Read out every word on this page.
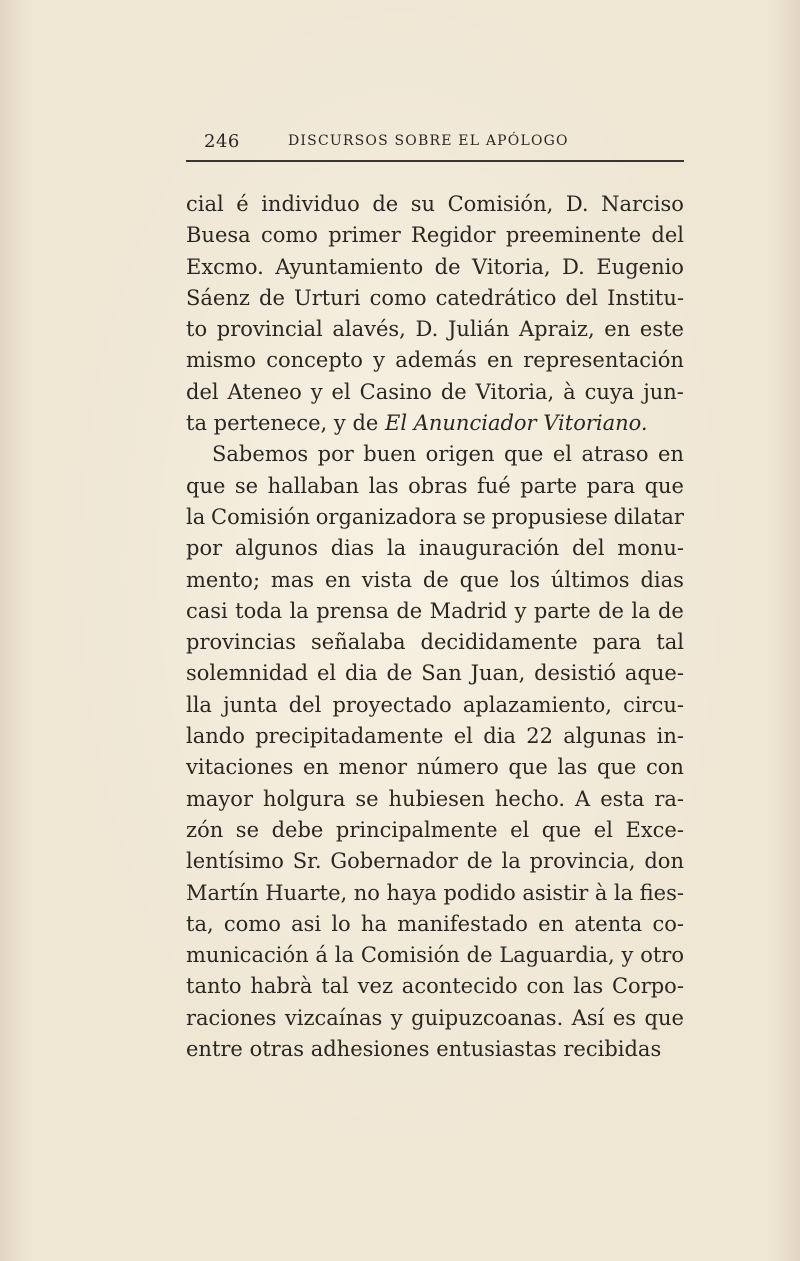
246	DISCURSOS SOBRE EL APÓLOGO
cial é individuo de su Comisión, D. Narciso
Buesa como primer Regidor preeminente del
Excmo. Ayuntamiento de Vitoria, D. Eugenio
Sáenz de Urturi como catedrático del Institu-
to provincial alavés, D. Julián Apraiz, en este
mismo concepto y además en representación
del Ateneo y el Casino de Vitoria, à cuya jun-
ta pertenece, y de
El Anunciador Vitoriano.
Sabemos por buen origen que el atraso en
que se hallaban las obras fué parte para que
la Comisión organizadora se propusiese dilatar
por algunos dias la inauguración del monu-
mento; mas en vista de que los últimos dias
casi toda la prensa de Madrid y parte de la de
provincias señalaba decididamente para tal
solemnidad el dia de San Juan, desistió aque-
lla junta del proyectado aplazamiento, circu-
lando precipitadamente el dia 22 algunas in-
vitaciones en menor número que las que con
mayor holgura se hubiesen hecho. A esta ra-
zón se debe principalmente el que el Exce-
lentísimo Sr. Gobernador de la provincia, don
Martín Huarte, no haya podido asistir à la fies-
ta, como asi lo ha manifestado en atenta co-
municación á la Comisión de Laguardia, y otro
tanto habrà tal vez acontecido con las Corpo-
raciones vizcaínas y guipuzcoanas. Así es que
entre otras adhesiones entusiastas recibidas
